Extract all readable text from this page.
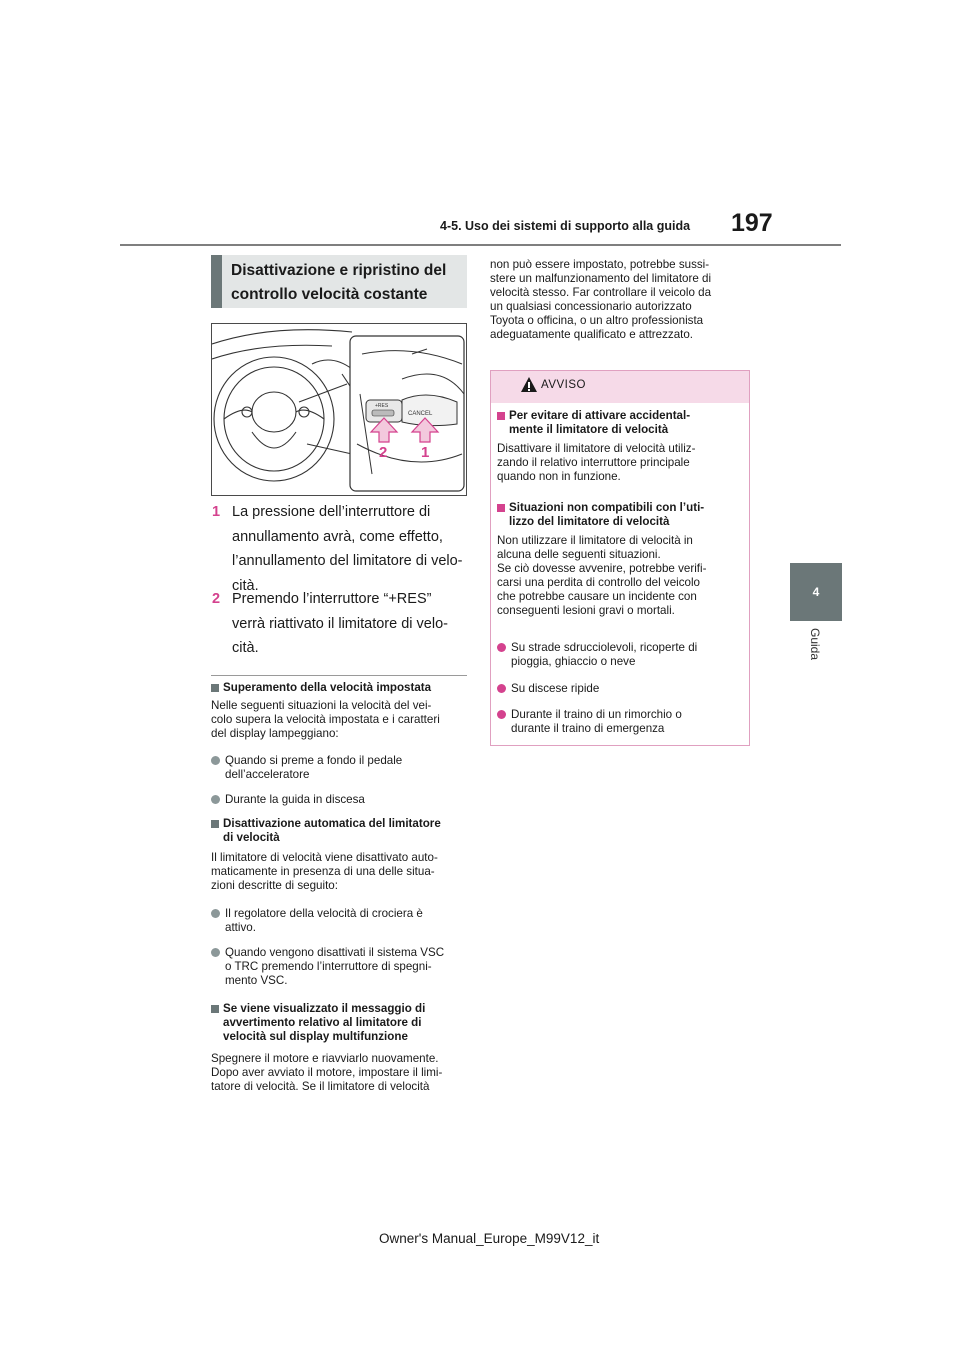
197
4-5. Uso dei sistemi di supporto alla guida
4
Guida
Disattivazione e ripristino del
controllo velocità costante
+RES
CANCEL
2 1
1 La pressione dell’interruttore di
annullamento avrà, come effetto,
l’annullamento del limitatore di velo-
cità.
2 Premendo l’interruttore “+RES”
verrà riattivato il limitatore di velo-
cità.
Superamento della velocità impostata
Nelle seguenti situazioni la velocità del vei-
colo supera la velocità impostata e i caratteri
del display lampeggiano:
Quando si preme a fondo il pedale
dell’acceleratore
Durante la guida in discesa
Disattivazione automatica del limitatore
di velocità
Il limitatore di velocità viene disattivato auto-
maticamente in presenza di una delle situa-
zioni descritte di seguito:
Il regolatore della velocità di crociera è
attivo.
Quando vengono disattivati il sistema VSC
o TRC premendo l’interruttore di spegni-
mento VSC.
Se viene visualizzato il messaggio di
avvertimento relativo al limitatore di
velocità sul display multifunzione
Spegnere il motore e riavviarlo nuovamente.
Dopo aver avviato il motore, impostare il limi-
tatore di velocità. Se il limitatore di velocità
non può essere impostato, potrebbe sussi-
stere un malfunzionamento del limitatore di
velocità stesso. Far controllare il veicolo da
un qualsiasi concessionario autorizzato
Toyota o officina, o un altro professionista
adeguatamente qualificato e attrezzato.
AVVISO
Per evitare di attivare accidental-
mente il limitatore di velocità
Disattivare il limitatore di velocità utiliz-
zando il relativo interruttore principale
quando non in funzione.
Situazioni non compatibili con l’uti-
lizzo del limitatore di velocità
Non utilizzare il limitatore di velocità in
alcuna delle seguenti situazioni.
Se ciò dovesse avvenire, potrebbe verifi-
carsi una perdita di controllo del veicolo
che potrebbe causare un incidente con
conseguenti lesioni gravi o mortali.
Su strade sdrucciolevoli, ricoperte di
pioggia, ghiaccio o neve
Su discese ripide
Durante il traino di un rimorchio o
durante il traino di emergenza
Owner's Manual_Europe_M99V12_it
